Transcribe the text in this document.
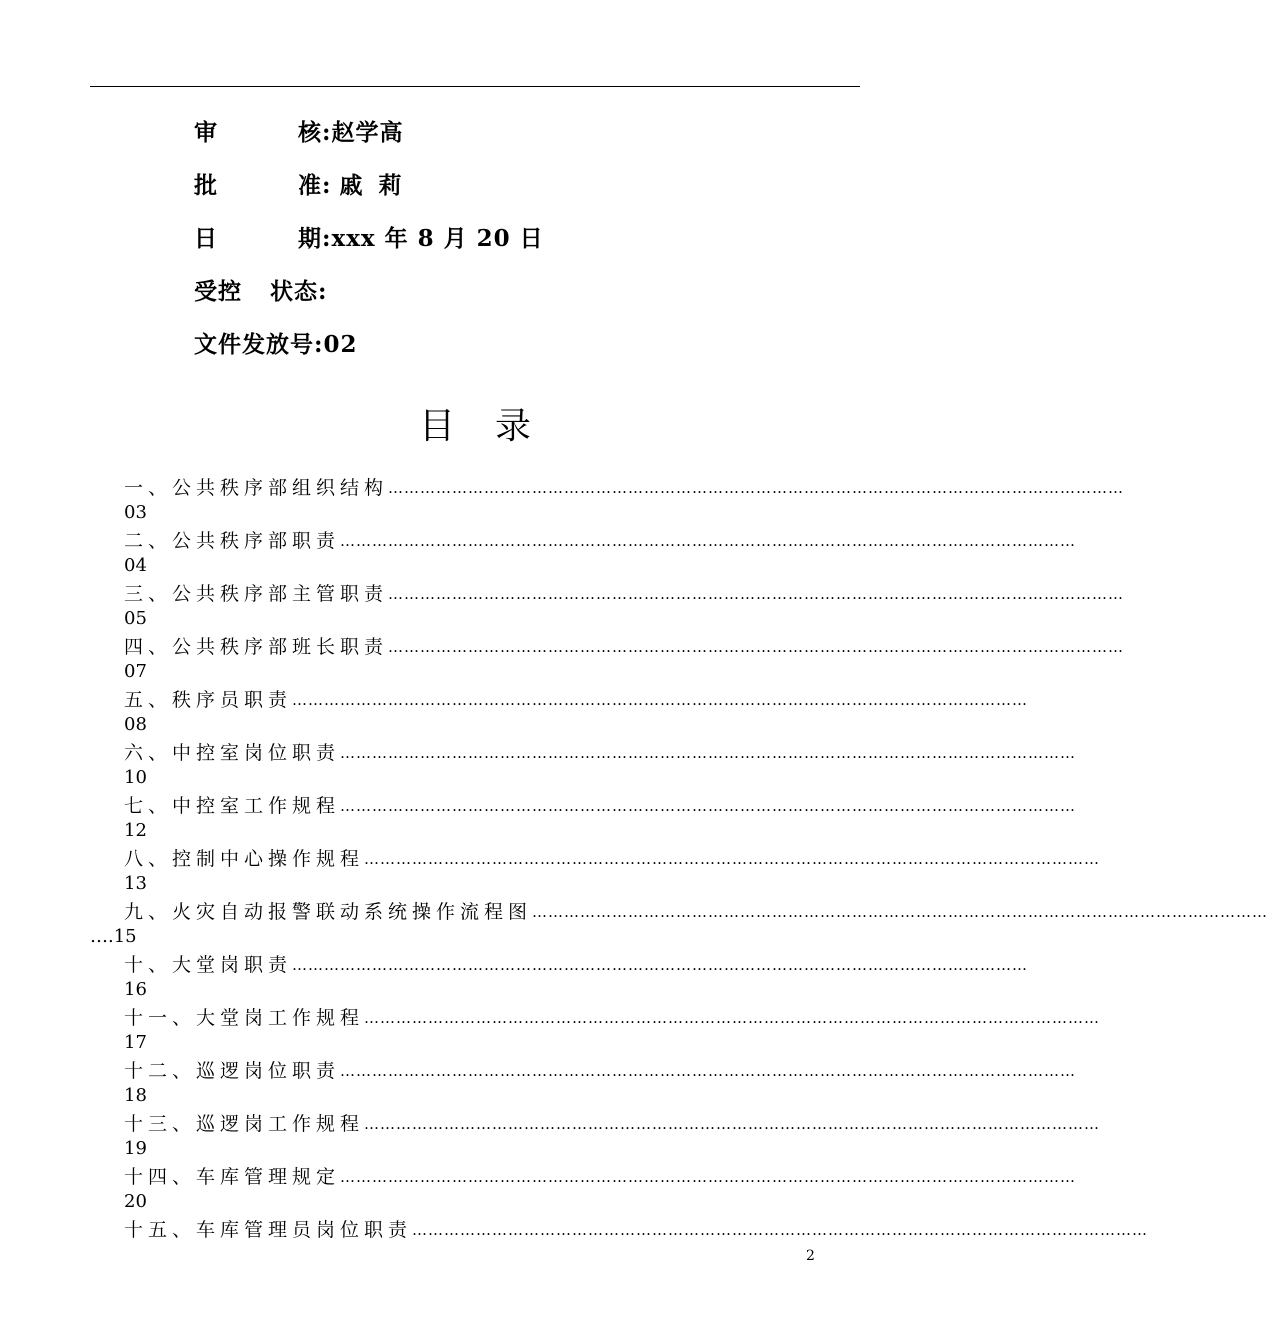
审	核:赵学高
批	准: 戚 莉
日	期:xxx 年 8 月 20 日
受控 状态:
文件发放号:02
目录
一、公共秩序部组织结构 …………………………………………………………………………………………………………………………
03
二、公共秩序部职责 …………………………………………………………………………………………………………………………
04
三、公共秩序部主管职责 …………………………………………………………………………………………………………………………
05
四、公共秩序部班长职责 …………………………………………………………………………………………………………………………
07
五、秩序员职责 …………………………………………………………………………………………………………………………
08
六、中控室岗位职责 …………………………………………………………………………………………………………………………
10
七、中控室工作规程 …………………………………………………………………………………………………………………………
12
八、控制中心操作规程 …………………………………………………………………………………………………………………………
13
九、火灾自动报警联动系统操作流程图 …………………………………………………………………………………………………………………………
….15
十、大堂岗职责 …………………………………………………………………………………………………………………………
16
十一、大堂岗工作规程 …………………………………………………………………………………………………………………………
17
十二、巡逻岗位职责 …………………………………………………………………………………………………………………………
18
十三、巡逻岗工作规程 …………………………………………………………………………………………………………………………
19
十四、车库管理规定 …………………………………………………………………………………………………………………………
20
十五、车库管理员岗位职责 …………………………………………………………………………………………………………………………
2
